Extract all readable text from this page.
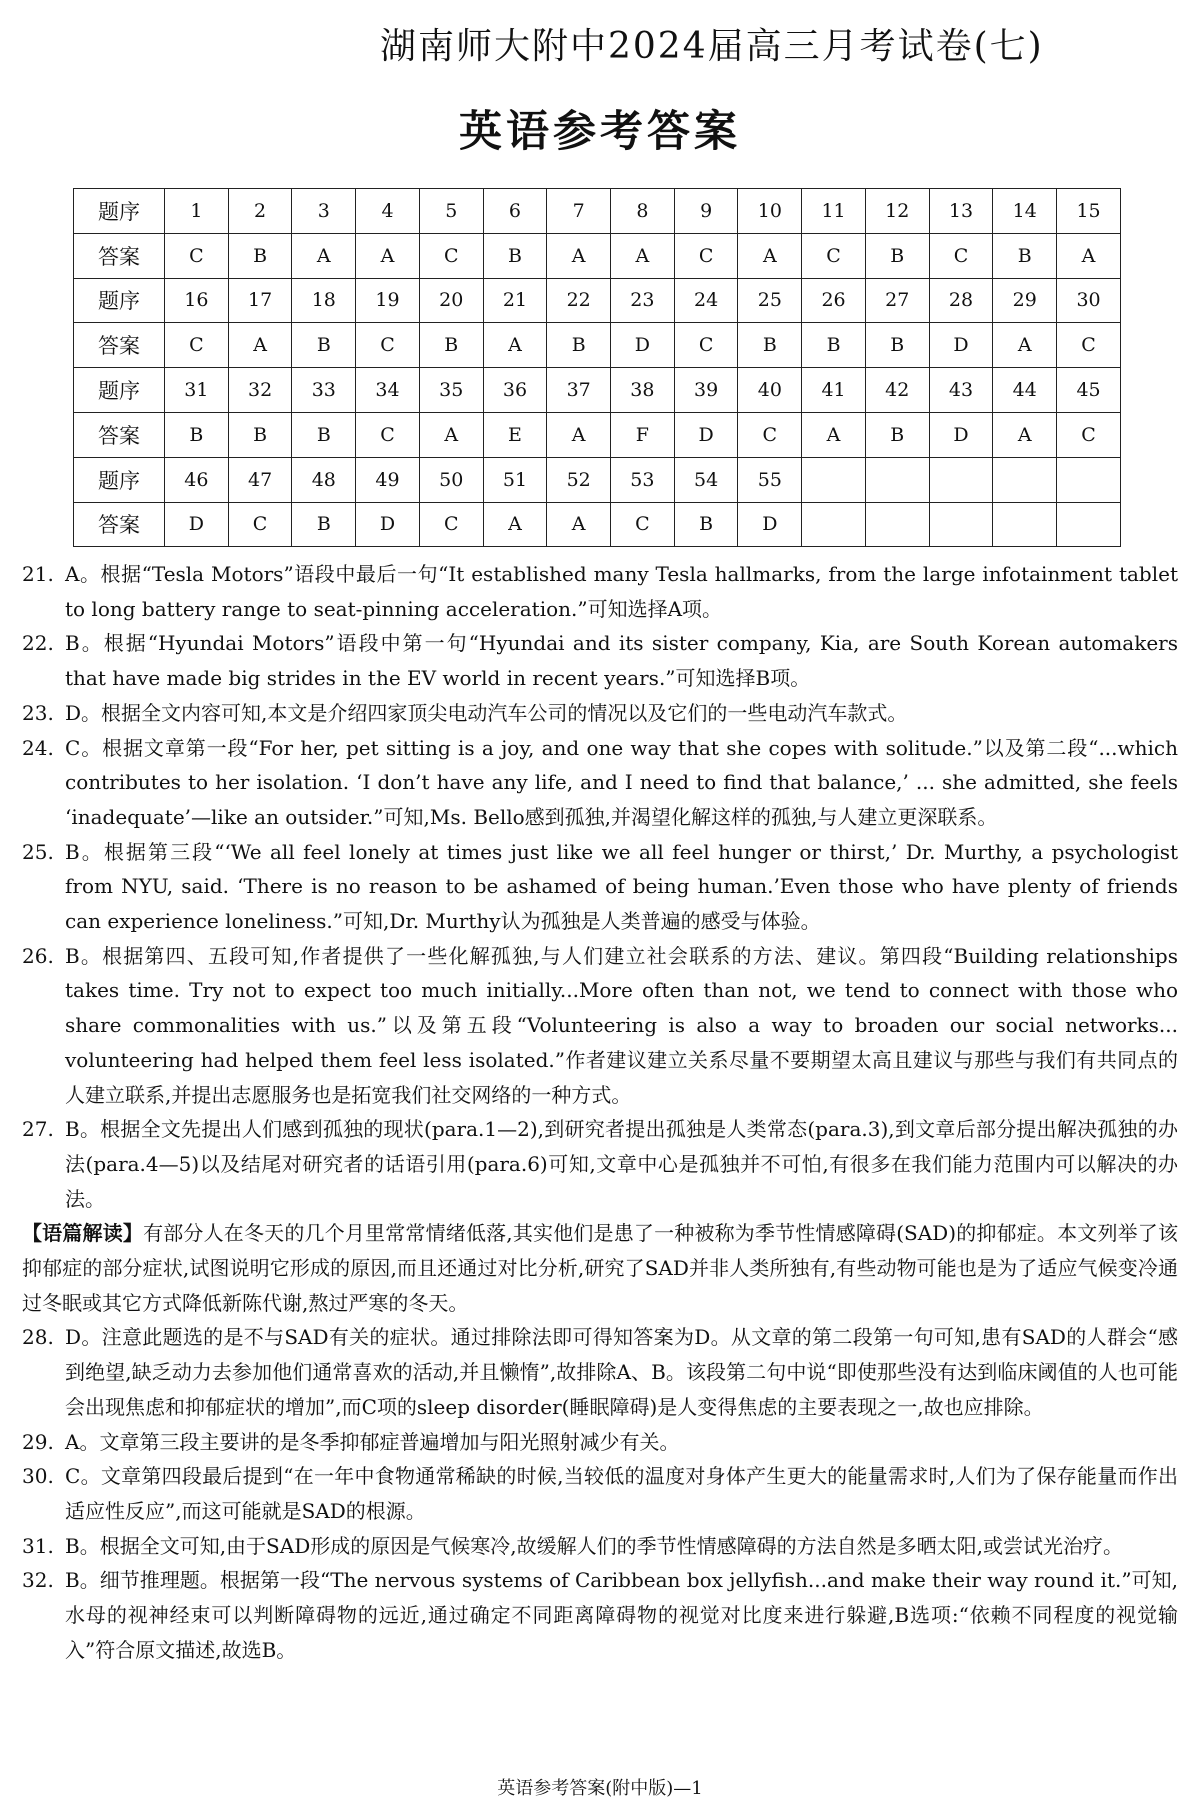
湖南师大附中2024届高三月考试卷(七)
英语参考答案
题序	1	2	3	4	5	6	7	8	9	10	11	12	13	14	15
答案	C	B	A	A	C	B	A	A	C	A	C	B	C	B	A
题序	16	17	18	19	20	21	22	23	24	25	26	27	28	29	30
答案	C	A	B	C	B	A	B	D	C	B	B	B	D	A	C
题序	31	32	33	34	35	36	37	38	39	40	41	42	43	44	45
答案	B	B	B	C	A	E	A	F	D	C	A	B	D	A	C
题序	46	47	48	49	50	51	52	53	54	55					
答案	D	C	B	D	C	A	A	C	B	D					
21. A。根据“Tesla Motors”语段中最后一句“It established many Tesla hallmarks, from the large infotainment tablet to long battery range to seat-pinning acceleration.”可知选择A项。
22. B。根据“Hyundai Motors”语段中第一句“Hyundai and its sister company, Kia, are South Korean automakers that have made big strides in the EV world in recent years.”可知选择B项。
23. D。根据全文内容可知,本文是介绍四家顶尖电动汽车公司的情况以及它们的一些电动汽车款式。
24. C。根据文章第一段“For her, pet sitting is a joy, and one way that she copes with solitude.”以及第二段“...which contributes to her isolation. ‘I don’t have any life, and I need to find that balance,’ ... she admitted, she feels ‘inadequate’—like an outsider.”可知,Ms. Bello感到孤独,并渴望化解这样的孤独,与人建立更深联系。
25. B。根据第三段“‘We all feel lonely at times just like we all feel hunger or thirst,’ Dr. Murthy, a psychologist from NYU, said. ‘There is no reason to be ashamed of being human.’Even those who have plenty of friends can experience loneliness.”可知,Dr. Murthy认为孤独是人类普遍的感受与体验。
26. B。根据第四、五段可知,作者提供了一些化解孤独,与人们建立社会联系的方法、建议。第四段“Building relationships takes time. Try not to expect too much initially...More often than not, we tend to connect with those who share commonalities with us.”以及第五段“Volunteering is also a way to broaden our social networks... volunteering had helped them feel less isolated.”作者建议建立关系尽量不要期望太高且建议与那些与我们有共同点的人建立联系,并提出志愿服务也是拓宽我们社交网络的一种方式。
27. B。根据全文先提出人们感到孤独的现状(para.1—2),到研究者提出孤独是人类常态(para.3),到文章后部分提出解决孤独的办法(para.4—5)以及结尾对研究者的话语引用(para.6)可知,文章中心是孤独并不可怕,有很多在我们能力范围内可以解决的办法。
【语篇解读】有部分人在冬天的几个月里常常情绪低落,其实他们是患了一种被称为季节性情感障碍(SAD)的抑郁症。本文列举了该抑郁症的部分症状,试图说明它形成的原因,而且还通过对比分析,研究了SAD并非人类所独有,有些动物可能也是为了适应气候变冷通过冬眠或其它方式降低新陈代谢,熬过严寒的冬天。
28. D。注意此题选的是不与SAD有关的症状。通过排除法即可得知答案为D。从文章的第二段第一句可知,患有SAD的人群会“感到绝望,缺乏动力去参加他们通常喜欢的活动,并且懒惰”,故排除A、B。该段第二句中说“即使那些没有达到临床阈值的人也可能会出现焦虑和抑郁症状的增加”,而C项的sleep disorder(睡眠障碍)是人变得焦虑的主要表现之一,故也应排除。
29. A。文章第三段主要讲的是冬季抑郁症普遍增加与阳光照射减少有关。
30. C。文章第四段最后提到“在一年中食物通常稀缺的时候,当较低的温度对身体产生更大的能量需求时,人们为了保存能量而作出适应性反应”,而这可能就是SAD的根源。
31. B。根据全文可知,由于SAD形成的原因是气候寒冷,故缓解人们的季节性情感障碍的方法自然是多晒太阳,或尝试光治疗。
32. B。细节推理题。根据第一段“The nervous systems of Caribbean box jellyfish...and make their way round it.”可知,水母的视神经束可以判断障碍物的远近,通过确定不同距离障碍物的视觉对比度来进行躲避,B选项:“依赖不同程度的视觉输入”符合原文描述,故选B。
英语参考答案(附中版)—1
